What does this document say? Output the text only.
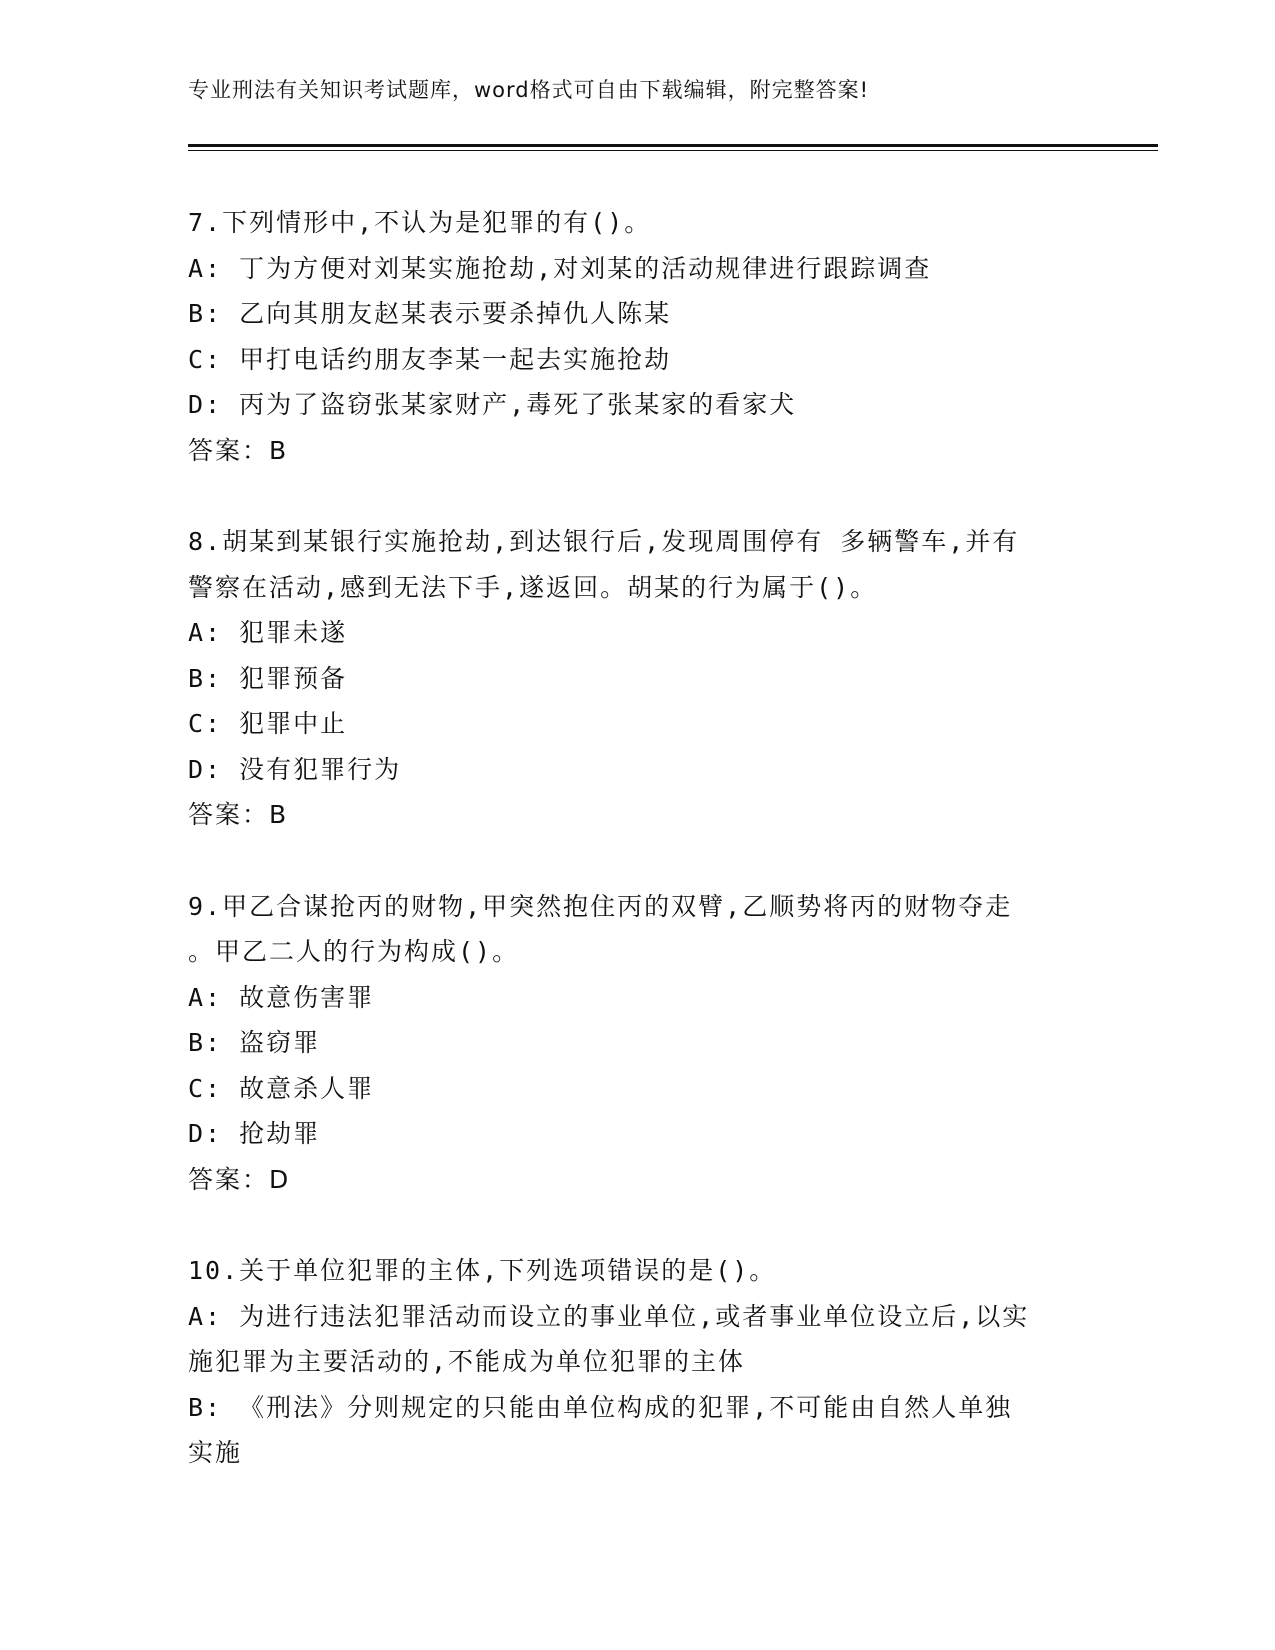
专业刑法有关知识考试题库，word格式可自由下载编辑，附完整答案!
7.下列情形中,不认为是犯罪的有()。
A: 丁为方便对刘某实施抢劫,对刘某的活动规律进行跟踪调查
B: 乙向其朋友赵某表示要杀掉仇人陈某
C: 甲打电话约朋友李某一起去实施抢劫
D: 丙为了盗窃张某家财产,毒死了张某家的看家犬
答案：B
8.胡某到某银行实施抢劫,到达银行后,发现周围停有 多辆警车,并有
警察在活动,感到无法下手,遂返回。胡某的行为属于()。
A: 犯罪未遂
B: 犯罪预备
C: 犯罪中止
D: 没有犯罪行为
答案：B
9.甲乙合谋抢丙的财物,甲突然抱住丙的双臂,乙顺势将丙的财物夺走
。甲乙二人的行为构成()。
A: 故意伤害罪
B: 盗窃罪
C: 故意杀人罪
D: 抢劫罪
答案：D
10.关于单位犯罪的主体,下列选项错误的是()。
A: 为进行违法犯罪活动而设立的事业单位,或者事业单位设立后,以实
施犯罪为主要活动的,不能成为单位犯罪的主体
B: 《刑法》分则规定的只能由单位构成的犯罪,不可能由自然人单独
实施
